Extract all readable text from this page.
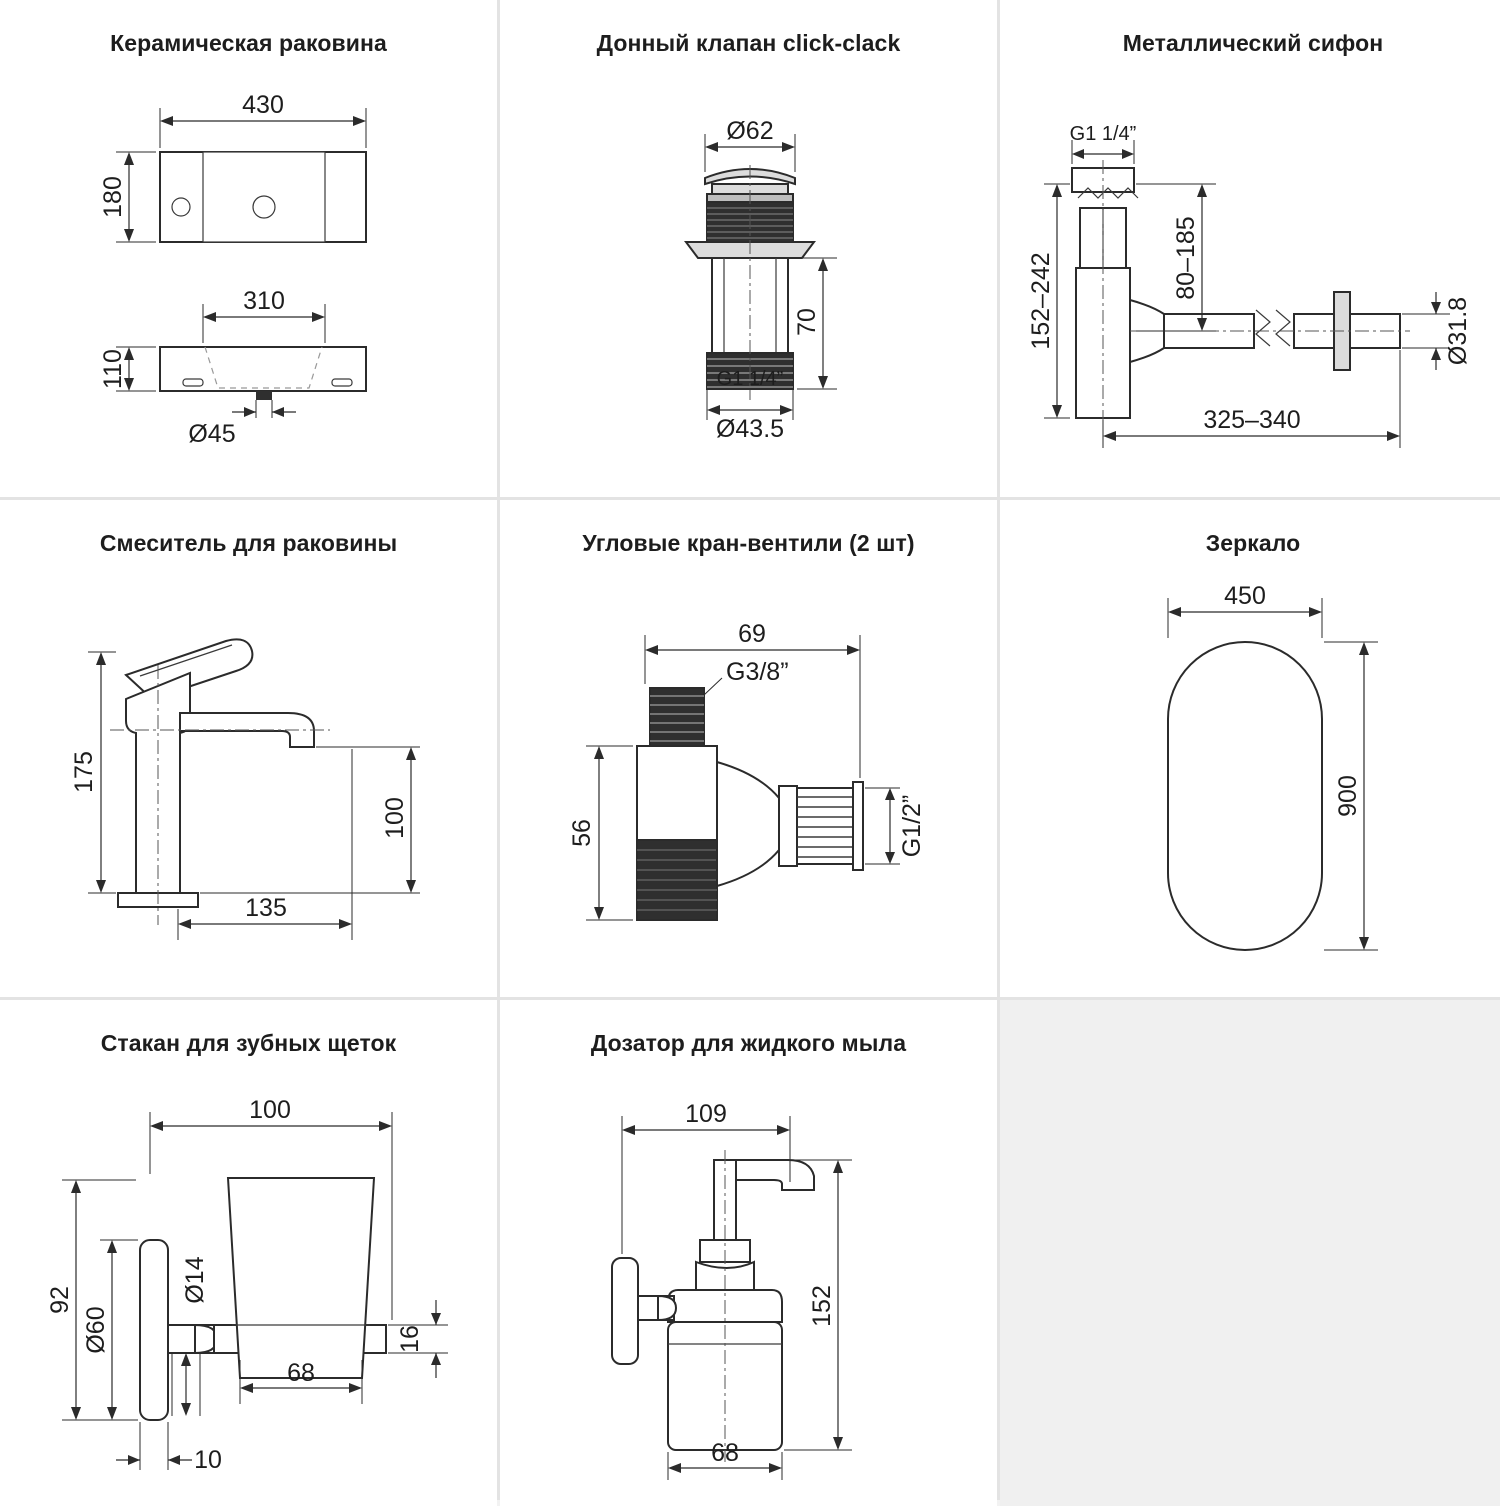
Керамическая раковина
430
180
310
110
Ø45
Донный клапан click-clack
Ø62
70
G1 1/4”
Ø43.5
Металлический сифон
G1 1/4”
80–185
152–242	Ø31.8
325–340
Смеситель для раковины
175
100
135
Угловые кран-вентили (2 шт)
69
G3/8”
G1/2”
56
Зеркало
450
900
Стакан для зубных щеток
100
92
Ø60
Ø14
68
16
10
Дозатор для жидкого мыла
109
152
68
